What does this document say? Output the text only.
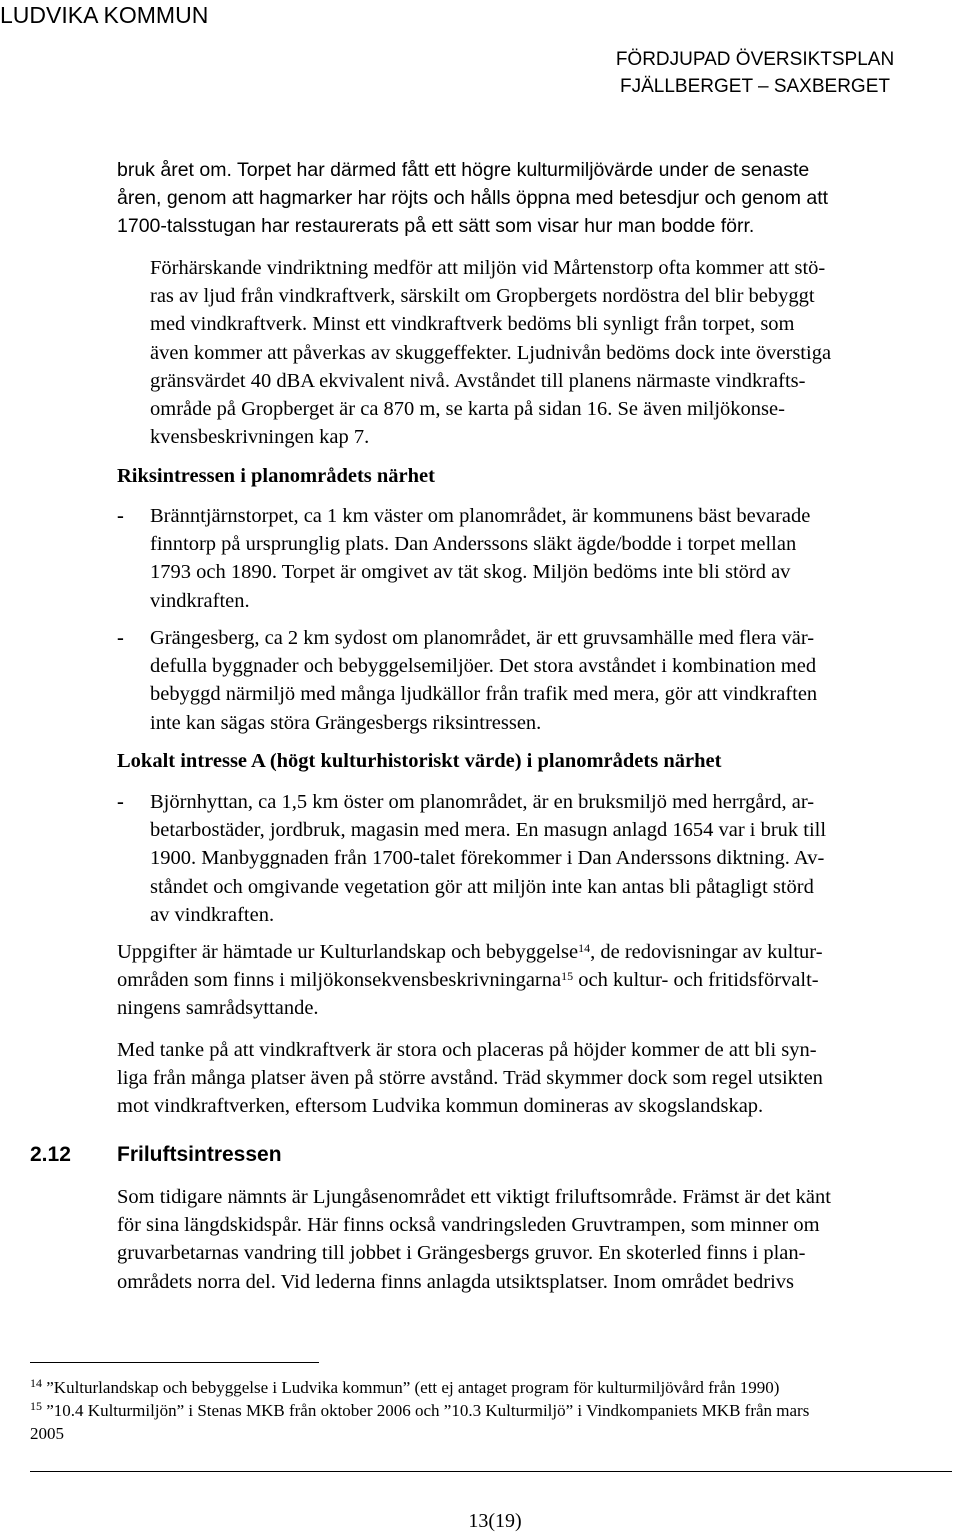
LUDVIKA KOMMUN
FÖRDJUPAD ÖVERSIKTSPLAN
FJÄLLBERGET – SAXBERGET
bruk året om. Torpet har därmed fått ett högre kulturmiljövärde under de senaste
åren, genom att hagmarker har röjts och hålls öppna med betesdjur och genom att
1700-talsstugan har restaurerats på ett sätt som visar hur man bodde förr.
Förhärskande vindriktning medför att miljön vid Mårtenstorp ofta kommer att stö-
ras av ljud från vindkraftverk, särskilt om Gropbergets nordöstra del blir bebyggt
med vindkraftverk. Minst ett vindkraftverk bedöms bli synligt från torpet, som
även kommer att påverkas av skuggeffekter. Ljudnivån bedöms dock inte överstiga
gränsvärdet 40 dBA ekvivalent nivå. Avståndet till planens närmaste vindkrafts-
område på Gropberget är ca 870 m, se karta på sidan 16. Se även miljökonse-
kvensbeskrivningen kap 7.
Riksintressen i planområdets närhet
- Bränntjärnstorpet, ca 1 km väster om planområdet, är kommunens bäst bevarade
finntorp på ursprunglig plats. Dan Anderssons släkt ägde/bodde i torpet mellan
1793 och 1890. Torpet är omgivet av tät skog. Miljön bedöms inte bli störd av
vindkraften.
- Grängesberg, ca 2 km sydost om planområdet, är ett gruvsamhälle med flera vär-
defulla byggnader och bebyggelsemiljöer. Det stora avståndet i kombination med
bebyggd närmiljö med många ljudkällor från trafik med mera, gör att vindkraften
inte kan sägas störa Grängesbergs riksintressen.
Lokalt intresse A (högt kulturhistoriskt värde) i planområdets närhet
- Björnhyttan, ca 1,5 km öster om planområdet, är en bruksmiljö med herrgård, ar-
betarbostäder, jordbruk, magasin med mera. En masugn anlagd 1654 var i bruk till
1900. Manbyggnaden från 1700-talet förekommer i Dan Anderssons diktning. Av-
ståndet och omgivande vegetation gör att miljön inte kan antas bli påtagligt störd
av vindkraften.
Uppgifter är hämtade ur Kulturlandskap och bebyggelse$^{14}$, de redovisningar av kultur-
områden som finns i miljökonsekvensbeskrivningarna$^{15}$ och kultur- och fritidsförvalt-
ningens samrådsyttande.
Med tanke på att vindkraftverk är stora och placeras på höjder kommer de att bli syn-
liga från många platser även på större avstånd. Träd skymmer dock som regel utsikten
mot vindkraftverken, eftersom Ludvika kommun domineras av skogslandskap.
2.12 Friluftsintressen
Som tidigare nämnts är Ljungåsenområdet ett viktigt friluftsområde. Främst är det känt
för sina längdskidspår. Här finns också vandringsleden Gruvtrampen, som minner om
gruvarbetarnas vandring till jobbet i Grängesbergs gruvor. En skoterled finns i plan-
områdets norra del. Vid lederna finns anlagda utsiktsplatser. Inom området bedrivs
$^{14}$ ”Kulturlandskap och bebyggelse i Ludvika kommun” (ett ej antaget program för kulturmiljövård från 1990)
$^{15}$ ”10.4 Kulturmiljön” i Stenas MKB från oktober 2006 och ”10.3 Kulturmiljö” i Vindkompaniets MKB från mars
2005
13(19)
